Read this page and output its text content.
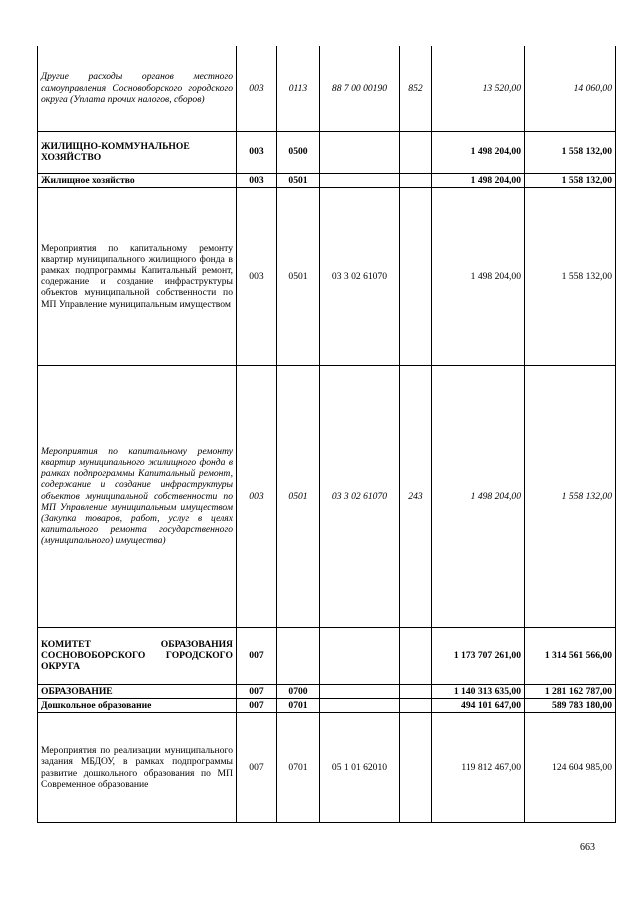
Другие расходы органов местного самоуправления Сосновоборского городского округа (Уплата прочих налогов, сборов)	003	0113	88 7 00 00190	852	13 520,00	14 060,00
ЖИЛИЩНО-КОММУНАЛЬНОЕ ХОЗЯЙСТВО	003	0500			1 498 204,00	1 558 132,00
Жилищное хозяйство	003	0501			1 498 204,00	1 558 132,00
Мероприятия по капитальному ремонту квартир муниципального жилищного фонда в рамках подпрограммы Капитальный ремонт, содержание и создание инфраструктуры объектов муниципальной собственности по МП Управление муниципальным имуществом	003	0501	03 3 02 61070		1 498 204,00	1 558 132,00
Мероприятия по капитальному ремонту квартир муниципального жилищного фонда в рамках подпрограммы Капитальный ремонт, содержание и создание инфраструктуры объектов муниципальной собственности по МП Управление муниципальным имуществом (Закупка товаров, работ, услуг в целях капитального ремонта государственного (муниципального) имущества)	003	0501	03 3 02 61070	243	1 498 204,00	1 558 132,00
КОМИТЕТ ОБРАЗОВАНИЯ СОСНОВОБОРСКОГО ГОРОДСКОГО ОКРУГА	007				1 173 707 261,00	1 314 561 566,00
ОБРАЗОВАНИЕ	007	0700			1 140 313 635,00	1 281 162 787,00
Дошкольное образование	007	0701			494 101 647,00	589 783 180,00
Мероприятия по реализации муниципального задания МБДОУ, в рамках подпрограммы развитие дошкольного образования по МП Современное образование	007	0701	05 1 01 62010		119 812 467,00	124 604 985,00
663
